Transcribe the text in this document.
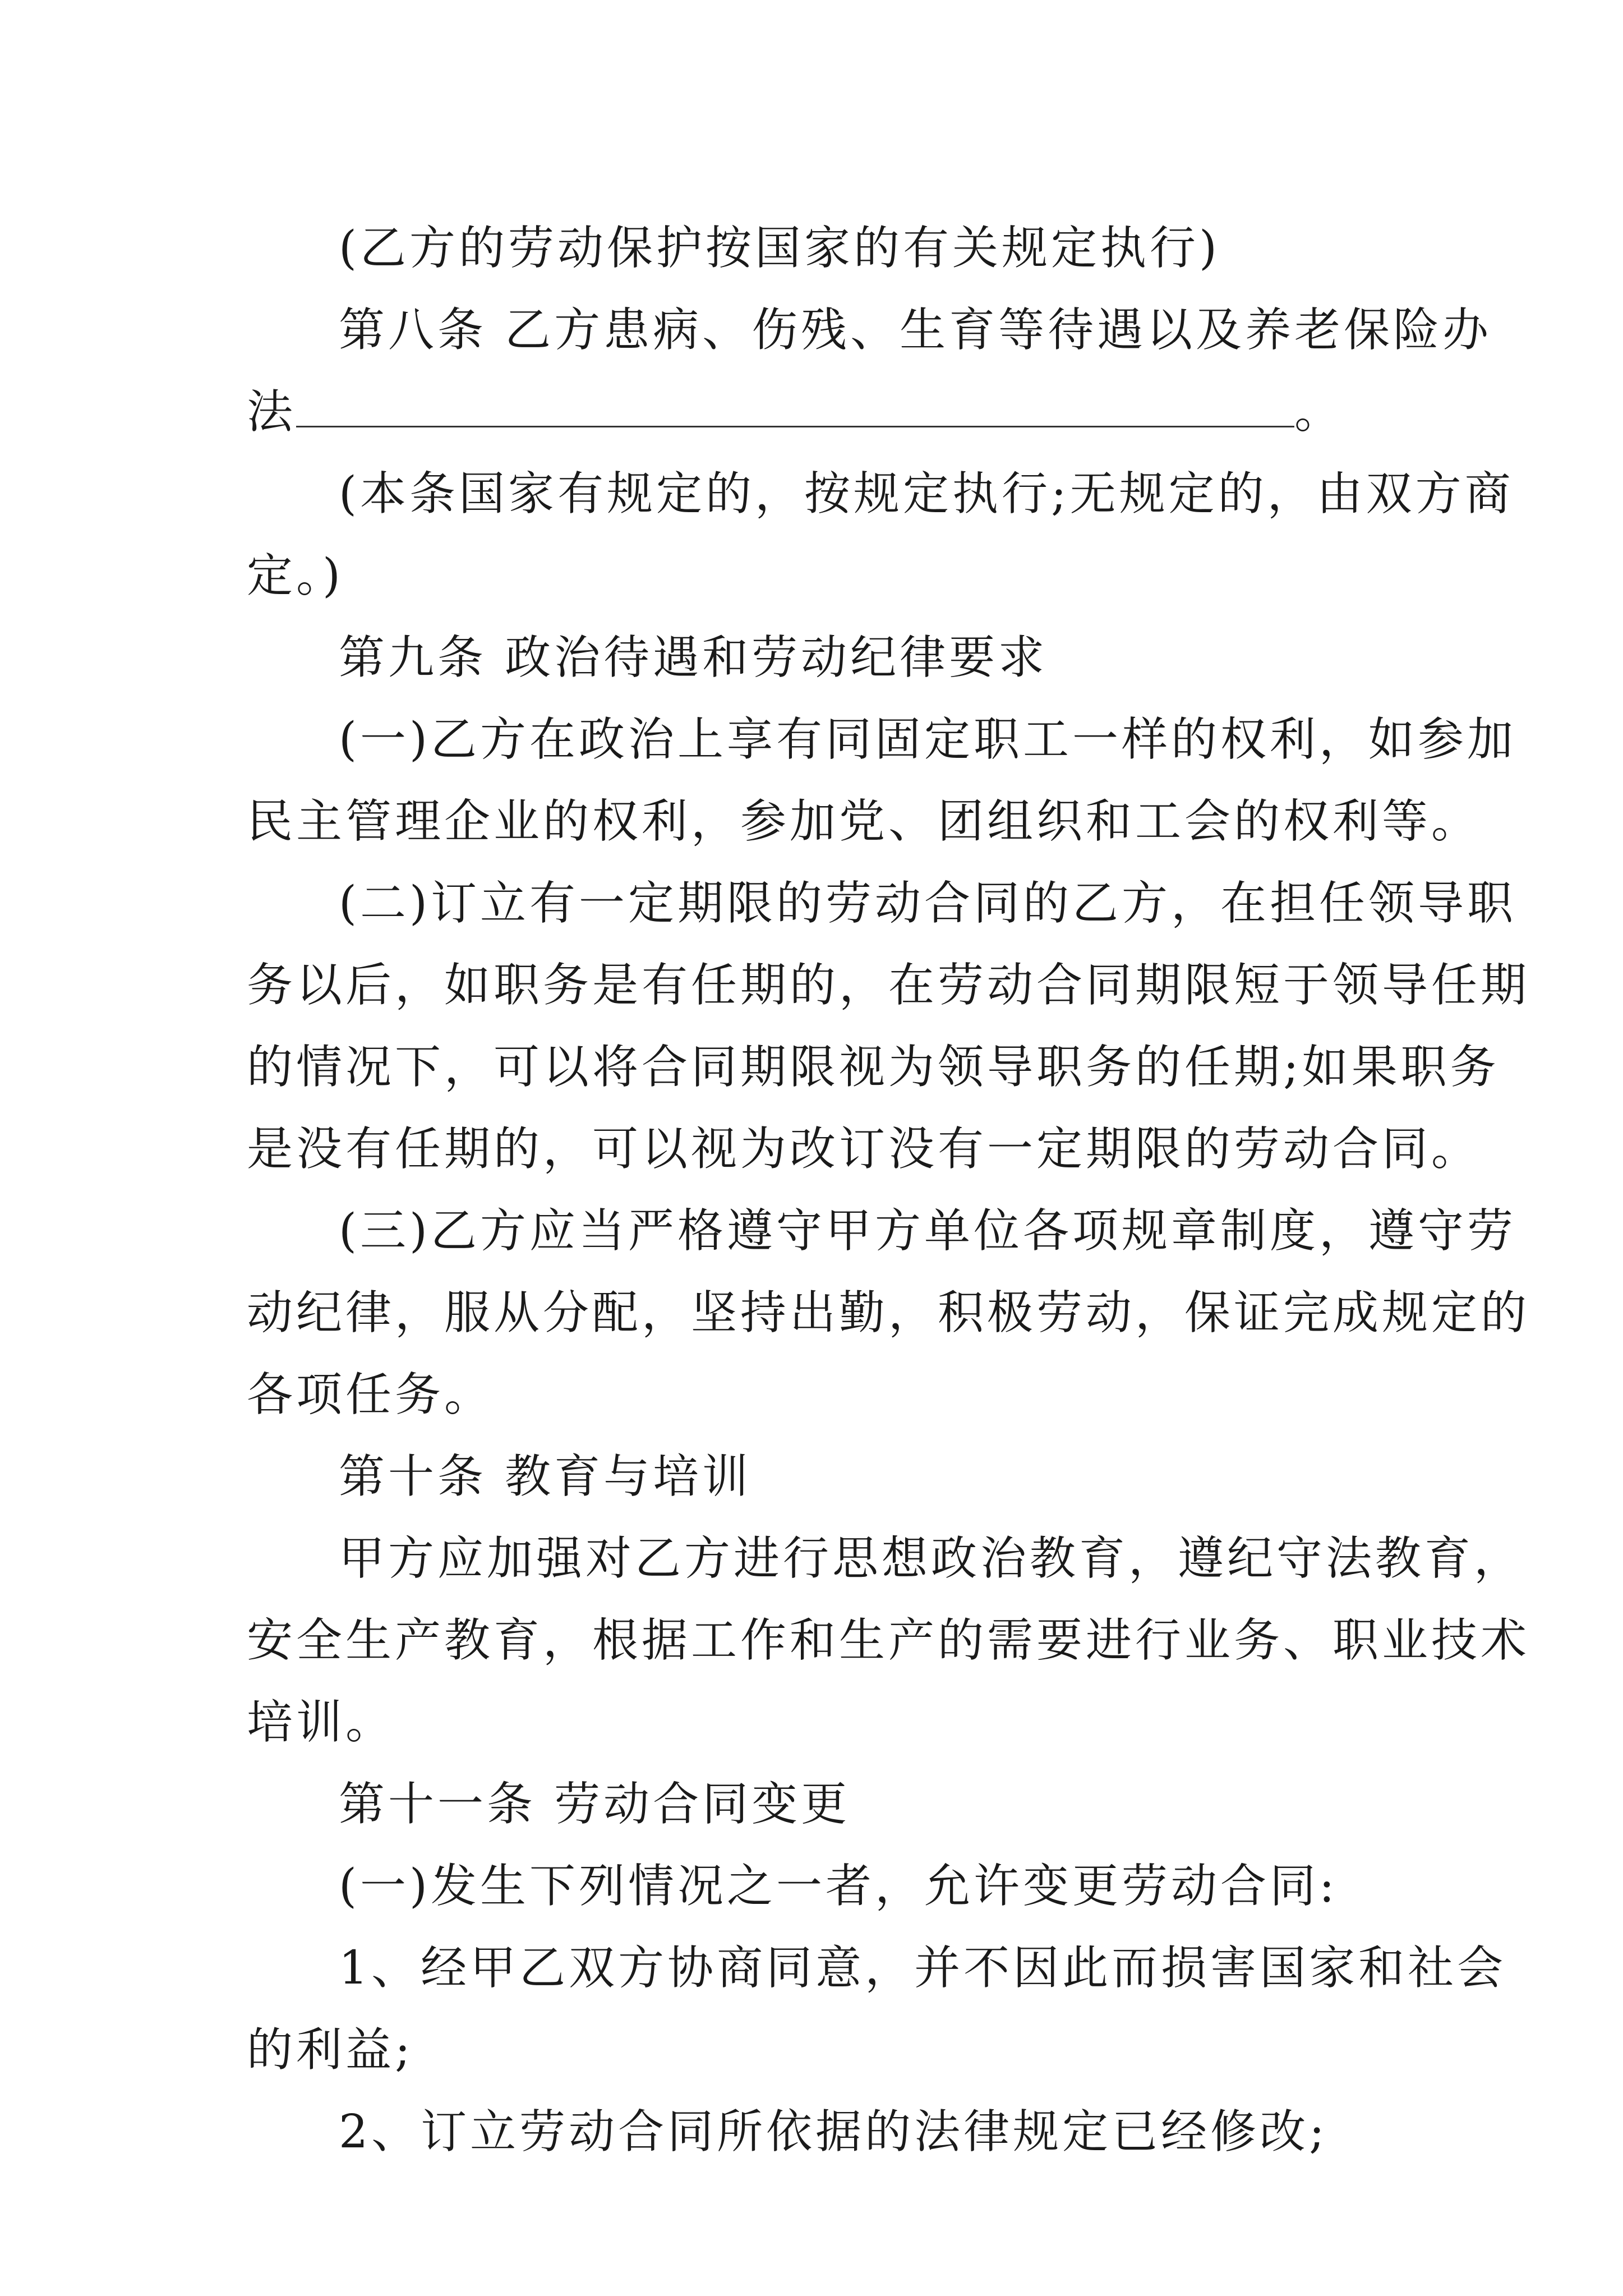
(乙方的劳动保护按国家的有关规定执行)
第八条 乙方患病、伤残、生育等待遇以及养老保险办
法	。
(本条国家有规定的，按规定执行;无规定的，由双方商
定。)
第九条 政治待遇和劳动纪律要求
(一)乙方在政治上享有同固定职工一样的权利，如参加
民主管理企业的权利，参加党、团组织和工会的权利等。
(二)订立有一定期限的劳动合同的乙方，在担任领导职
务以后，如职务是有任期的，在劳动合同期限短于领导任期
的情况下，可以将合同期限视为领导职务的任期;如果职务
是没有任期的，可以视为改订没有一定期限的劳动合同。
(三)乙方应当严格遵守甲方单位各项规章制度，遵守劳
动纪律，服从分配，坚持出勤，积极劳动，保证完成规定的
各项任务。
第十条 教育与培训
甲方应加强对乙方进行思想政治教育，遵纪守法教育，
安全生产教育，根据工作和生产的需要进行业务、职业技术
培训。
第十一条 劳动合同变更
(一)发生下列情况之一者，允许变更劳动合同:
1、经甲乙双方协商同意，并不因此而损害国家和社会
的利益;
2、订立劳动合同所依据的法律规定已经修改;
